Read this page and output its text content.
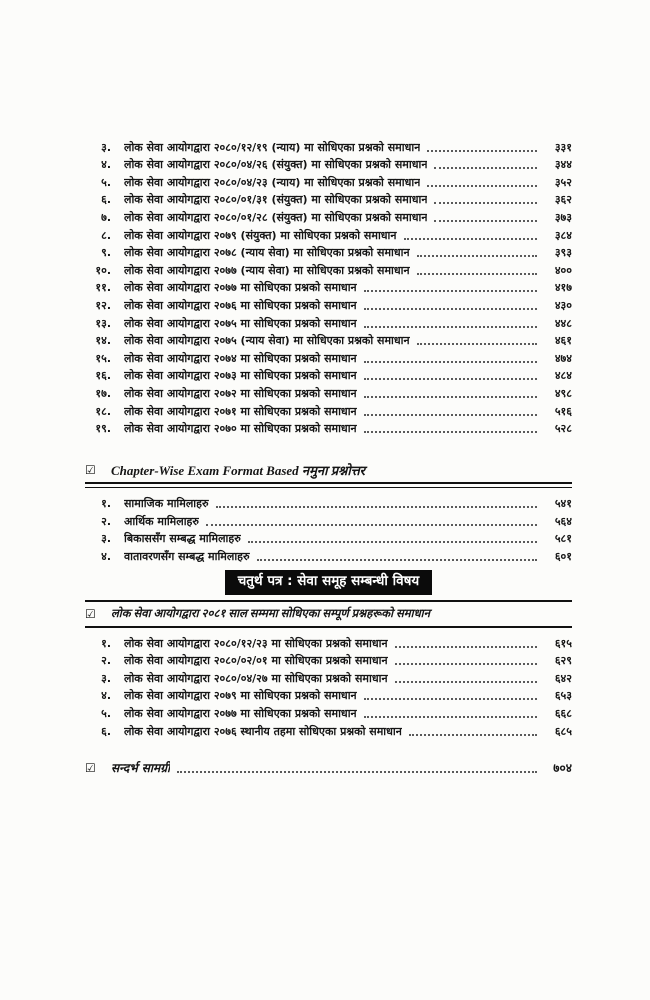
३. लोक सेवा आयोगद्वारा २०८०/१२/१९ (न्याय) मा सोधिएका प्रश्नको समाधान	३३१
४. लोक सेवा आयोगद्वारा २०८०/०४/२६ (संयुक्त) मा सोधिएका प्रश्नको समाधान	३४४
५. लोक सेवा आयोगद्वारा २०८०/०४/२३ (न्याय) मा सोधिएका प्रश्नको समाधान	३५२
६. लोक सेवा आयोगद्वारा २०८०/०१/३१ (संयुक्त) मा सोधिएका प्रश्नको समाधान	३६२
७. लोक सेवा आयोगद्वारा २०८०/०१/२८ (संयुक्त) मा सोधिएका प्रश्नको समाधान	३७३
८. लोक सेवा आयोगद्वारा २०७९ (संयुक्त) मा सोधिएका प्रश्नको समाधान	३८४
९. लोक सेवा आयोगद्वारा २०७८ (न्याय सेवा) मा सोधिएका प्रश्नको समाधान	३९३
१०. लोक सेवा आयोगद्वारा २०७७ (न्याय सेवा) मा सोधिएका प्रश्नको समाधान	४००
११. लोक सेवा आयोगद्वारा २०७७ मा सोधिएका प्रश्नको समाधान	४१७
१२. लोक सेवा आयोगद्वारा २०७६ मा सोधिएका प्रश्नको समाधान	४३०
१३. लोक सेवा आयोगद्वारा २०७५ मा सोधिएका प्रश्नको समाधान	४४८
१४. लोक सेवा आयोगद्वारा २०७५ (न्याय सेवा) मा सोधिएका प्रश्नको समाधान	४६१
१५. लोक सेवा आयोगद्वारा २०७४ मा सोधिएका प्रश्नको समाधान	४७४
१६. लोक सेवा आयोगद्वारा २०७३ मा सोधिएका प्रश्नको समाधान	४८४
१७. लोक सेवा आयोगद्वारा २०७२ मा सोधिएका प्रश्नको समाधान	४९८
१८. लोक सेवा आयोगद्वारा २०७१ मा सोधिएका प्रश्नको समाधान	५१६
१९. लोक सेवा आयोगद्वारा २०७० मा सोधिएका प्रश्नको समाधान	५२८
☑	Chapter-Wise Exam Format Based नमुना प्रश्नोत्तर
१. सामाजिक मामिलाहरु	५४१
२. आर्थिक मामिलाहरु	५६४
३. बिकाससँग सम्बद्ध मामिलाहरु	५८१
४. वातावरणसँग सम्बद्ध मामिलाहरु	६०१
चतुर्थ पत्र : सेवा समूह सम्बन्धी विषय
☑	लोक सेवा आयोगद्वारा २०८१ साल सम्ममा सोधिएका सम्पूर्ण प्रश्नहरूको समाधान
१. लोक सेवा आयोगद्वारा २०८०/१२/२३ मा सोधिएका प्रश्नको समाधान	६१५
२. लोक सेवा आयोगद्वारा २०८०/०२/०१ मा सोधिएका प्रश्नको समाधान	६२९
३. लोक सेवा आयोगद्वारा २०८०/०४/२७ मा सोधिएका प्रश्नको समाधान	६४२
४. लोक सेवा आयोगद्वारा २०७९ मा सोधिएका प्रश्नको समाधान	६५३
५. लोक सेवा आयोगद्वारा २०७७ मा सोधिएका प्रश्नको समाधान	६६८
६. लोक सेवा आयोगद्वारा २०७६ स्थानीय तहमा सोधिएका प्रश्नको समाधान	६८५
☑	सन्दर्भ सामग्री	७०४
